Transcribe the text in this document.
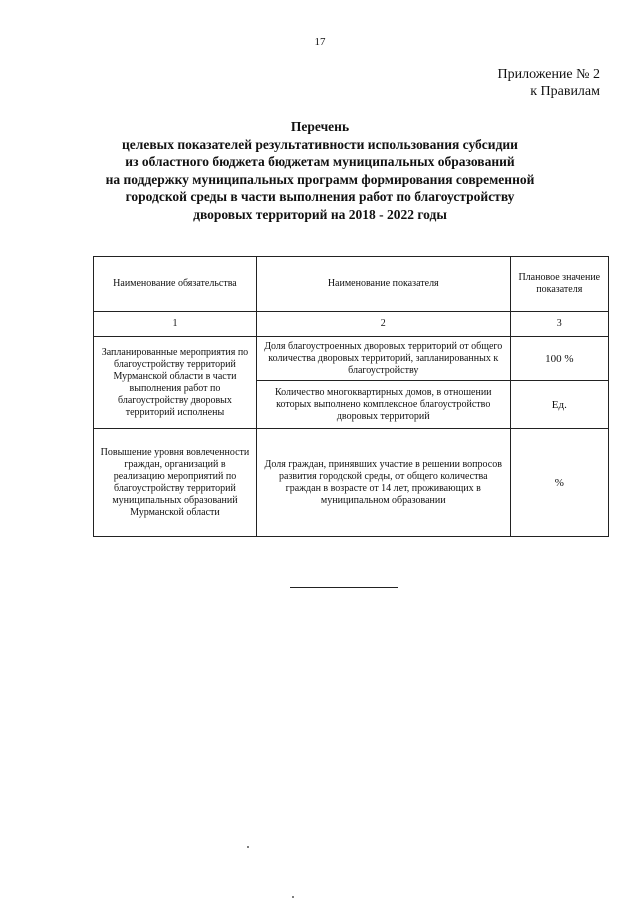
17
Приложение № 2
к Правилам
Перечень
целевых показателей результативности использования субсидии
из областного бюджета бюджетам муниципальных образований
на поддержку муниципальных программ формирования современной
городской среды в части выполнения работ по благоустройству
дворовых территорий на 2018 - 2022 годы
Наименование обязательства	Наименование показателя	Плановое значение показателя
1	2	3
Запланированные мероприятия по благоустройству территорий Мурманской области в части выполнения работ по благоустройству дворовых территорий исполнены	Доля благоустроенных дворовых территорий от общего количества дворовых территорий, запланированных к благоустройству	100 %
	Количество многоквартирных домов, в отношении которых выполнено комплексное благоустройство дворовых территорий	Ед.
Повышение уровня вовлеченности граждан, организаций в реализацию мероприятий по благоустройству территорий муниципальных образований Мурманской области	Доля граждан, принявших участие в решении вопросов развития городской среды, от общего количества граждан в возрасте от 14 лет, проживающих в муниципальном образовании	%
